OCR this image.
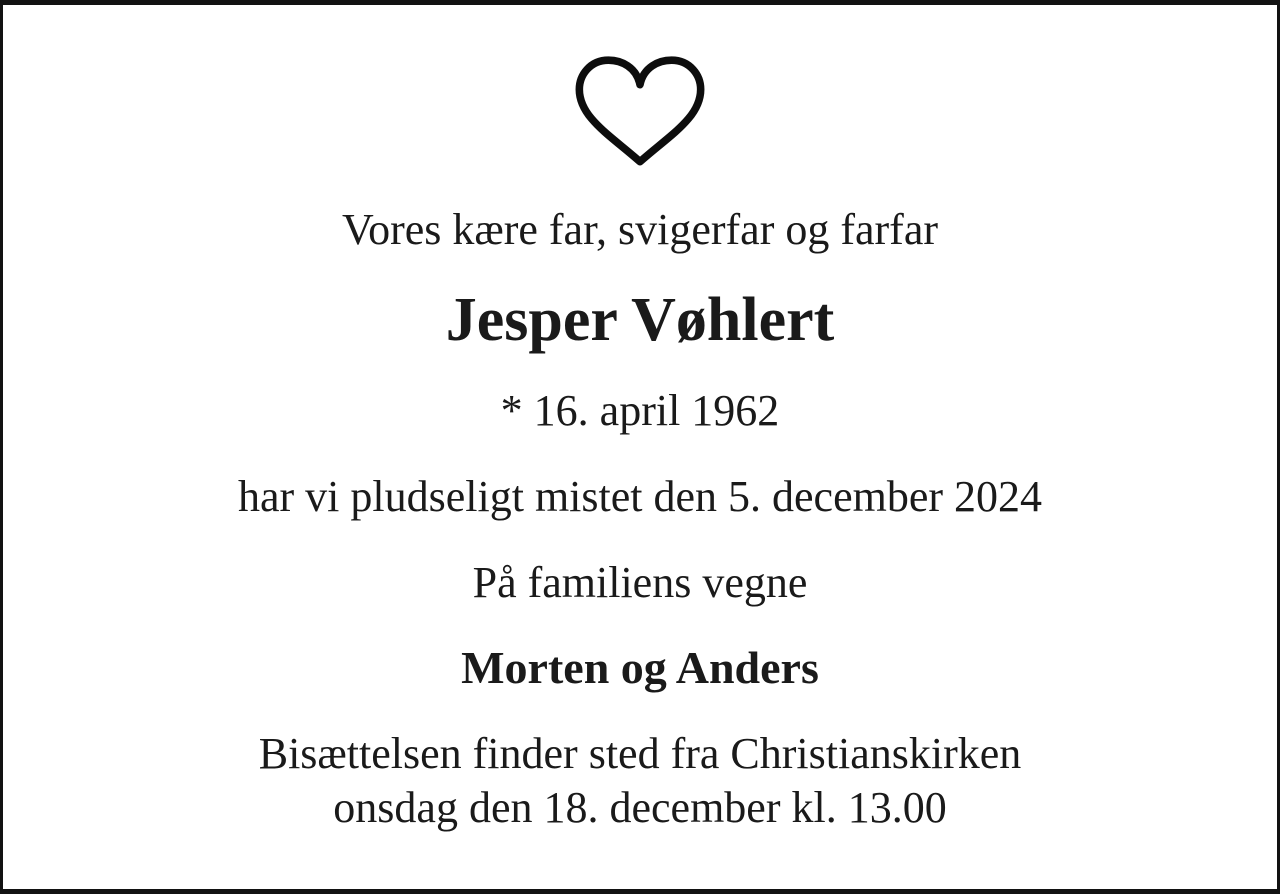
Vores kære far, svigerfar og farfar
Jesper Vøhlert
* 16. april 1962
har vi pludseligt mistet den 5. december 2024
På familiens vegne
Morten og Anders
Bisættelsen finder sted fra Christianskirken
onsdag den 18. december kl. 13.00
